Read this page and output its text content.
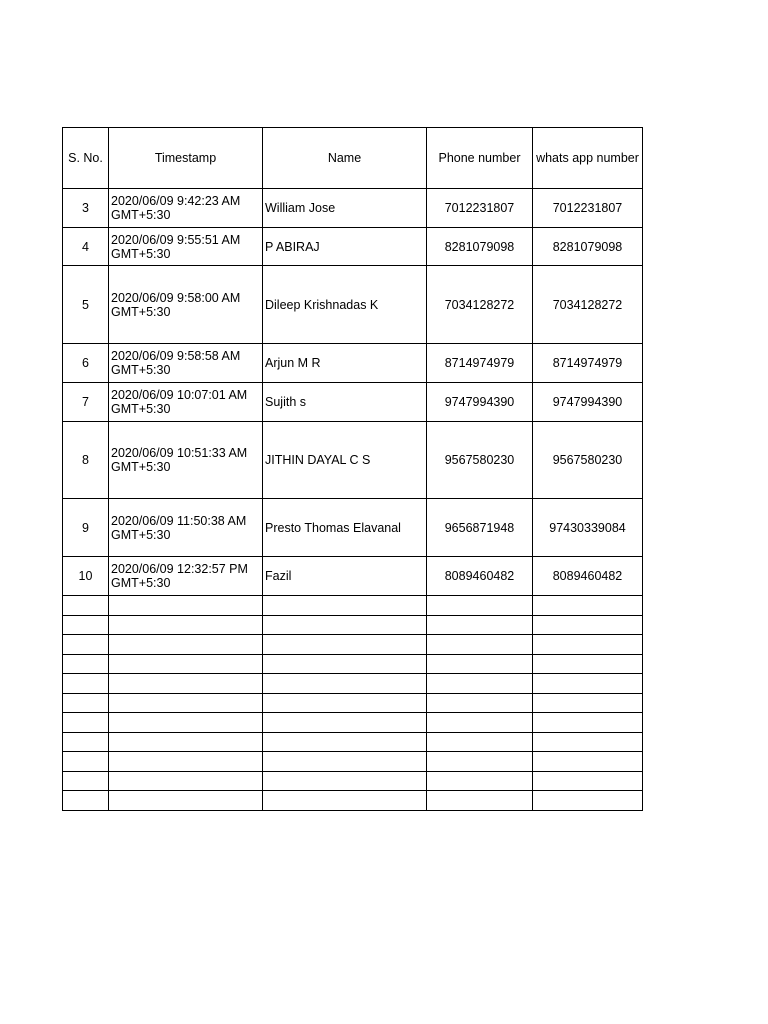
S. No.	Timestamp	Name	Phone number	whats app number
3	2020/06/09 9:42:23 AM
GMT+5:30	William Jose	7012231807	7012231807
4	2020/06/09 9:55:51 AM
GMT+5:30	P ABIRAJ	8281079098	8281079098
5	2020/06/09 9:58:00 AM
GMT+5:30	Dileep Krishnadas K	7034128272	7034128272
6	2020/06/09 9:58:58 AM
GMT+5:30	Arjun M R	8714974979	8714974979
7	2020/06/09 10:07:01 AM
GMT+5:30	Sujith s	9747994390	9747994390
8	2020/06/09 10:51:33 AM
GMT+5:30	JITHIN DAYAL C S	9567580230	9567580230
9	2020/06/09 11:50:38 AM
GMT+5:30	Presto Thomas Elavanal	9656871948	97430339084
10	2020/06/09 12:32:57 PM
GMT+5:30	Fazil	8089460482	8089460482
